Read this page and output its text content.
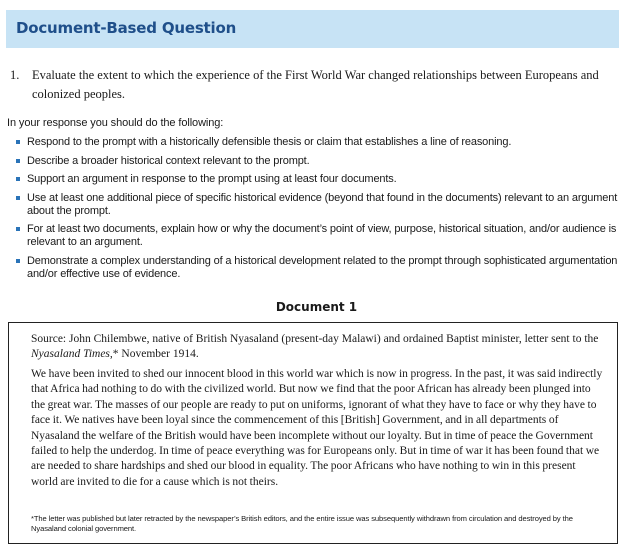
Document-Based Question
1. Evaluate the extent to which the experience of the First World War changed relationships between Europeans and colonized peoples.
In your response you should do the following:
Respond to the prompt with a historically defensible thesis or claim that establishes a line of reasoning.
Describe a broader historical context relevant to the prompt.
Support an argument in response to the prompt using at least four documents.
Use at least one additional piece of specific historical evidence (beyond that found in the documents) relevant to an argument about the prompt.
For at least two documents, explain how or why the document’s point of view, purpose, historical situation, and/or audience is relevant to an argument.
Demonstrate a complex understanding of a historical development related to the prompt through sophisticated argumentation and/or effective use of evidence.
Document 1
Source: John Chilembwe, native of British Nyasaland (present-day Malawi) and ordained Baptist minister, letter sent to the Nyasaland Times,* November 1914.
We have been invited to shed our innocent blood in this world war which is now in progress. In the past, it was said indirectly that Africa had nothing to do with the civilized world. But now we find that the poor African has already been plunged into the great war. The masses of our people are ready to put on uniforms, ignorant of what they have to face or why they have to face it. We natives have been loyal since the commencement of this [British] Government, and in all departments of Nyasaland the welfare of the British would have been incomplete without our loyalty. But in time of peace the Government failed to help the underdog. In time of peace everything was for Europeans only. But in time of war it has been found that we are needed to share hardships and shed our blood in equality. The poor Africans who have nothing to win in this present world are invited to die for a cause which is not theirs.
*The letter was published but later retracted by the newspaper’s British editors, and the entire issue was subsequently withdrawn from circulation and destroyed by the Nyasaland colonial government.
